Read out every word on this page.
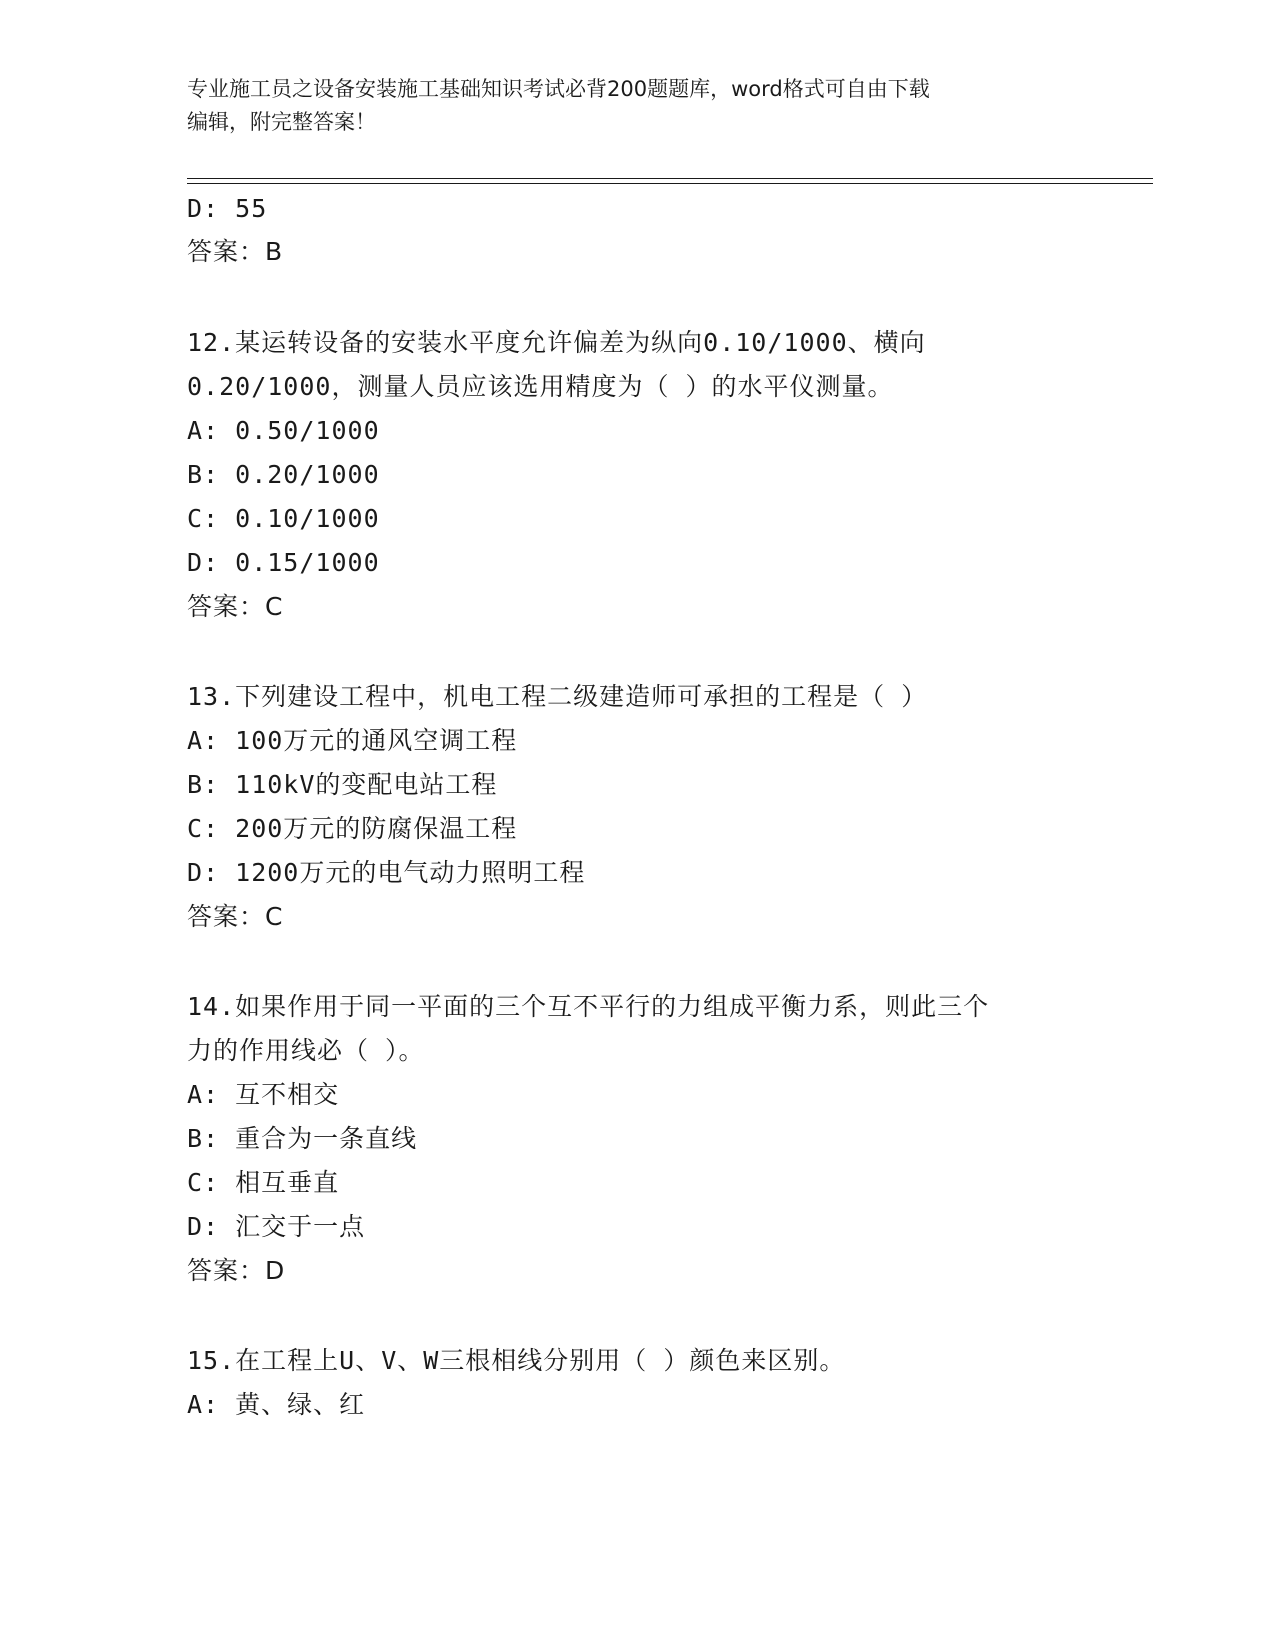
专业施工员之设备安装施工基础知识考试必背200题题库，word格式可自由下载
编辑，附完整答案！
D: 55
答案：B
12.某运转设备的安装水平度允许偏差为纵向0.10/1000、横向
0.20/1000，测量人员应该选用精度为（ ）的水平仪测量。
A: 0.50/1000
B: 0.20/1000
C: 0.10/1000
D: 0.15/1000
答案：C
13.下列建设工程中，机电工程二级建造师可承担的工程是（ ）
A: 100万元的通风空调工程
B: 110kV的变配电站工程
C: 200万元的防腐保温工程
D: 1200万元的电气动力照明工程
答案：C
14.如果作用于同一平面的三个互不平行的力组成平衡力系，则此三个
力的作用线必（ ）。
A: 互不相交
B: 重合为一条直线
C: 相互垂直
D: 汇交于一点
答案：D
15.在工程上U、V、W三根相线分别用（ ）颜色来区别。
A: 黄、绿、红
